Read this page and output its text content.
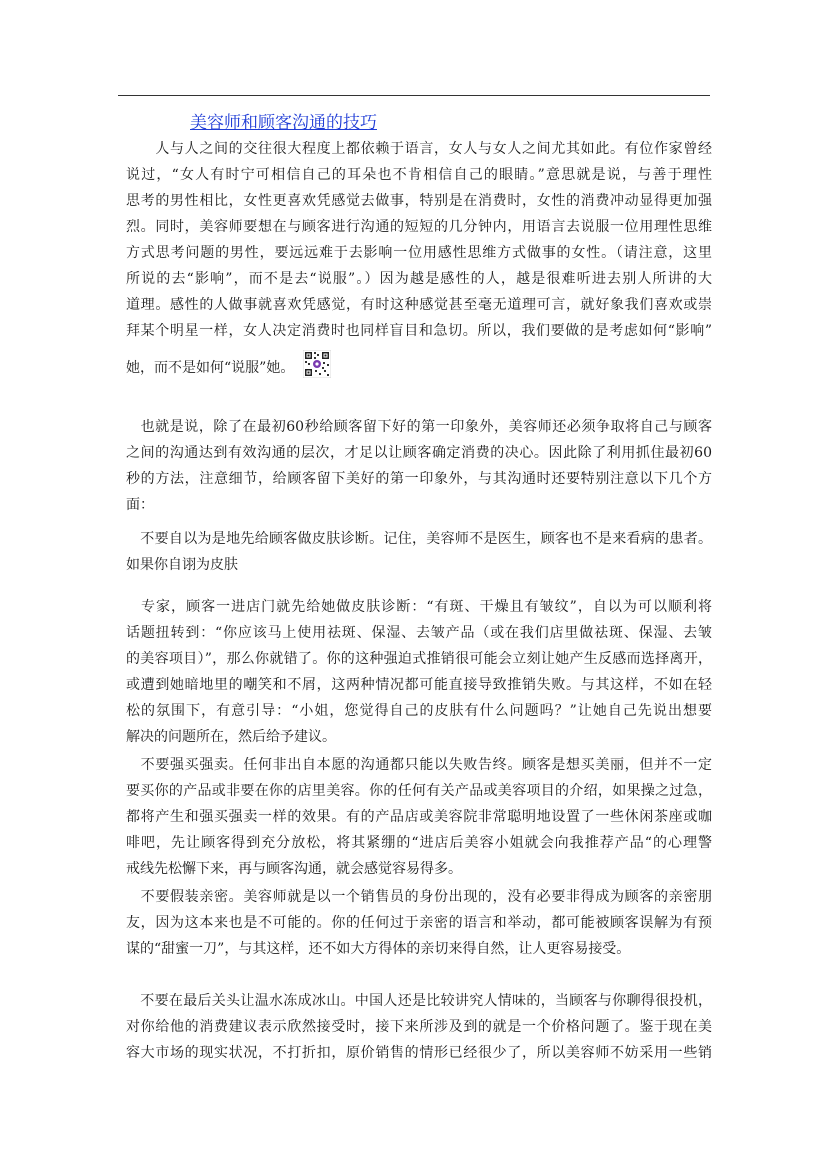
美容师和顾客沟通的技巧

　　人与人之间的交往很大程度上都依赖于语言，女人与女人之间尤其如此。有位作家曾经
说过，“女人有时宁可相信自己的耳朵也不肯相信自己的眼睛。”意思就是说，与善于理性
思考的男性相比，女性更喜欢凭感觉去做事，特别是在消费时，女性的消费冲动显得更加强
烈。同时，美容师要想在与顾客进行沟通的短短的几分钟内，用语言去说服一位用理性思维
方式思考问题的男性，要远远难于去影响一位用感性思维方式做事的女性。（请注意，这里
所说的去“影响”，而不是去“说服”。）因为越是感性的人，越是很难听进去别人所讲的大
道理。感性的人做事就喜欢凭感觉，有时这种感觉甚至毫无道理可言，就好象我们喜欢或崇
拜某个明星一样，女人决定消费时也同样盲目和急切。所以，我们要做的是考虑如何“影响”

她，而不是如何“说服”她。

　也就是说，除了在最初60秒给顾客留下好的第一印象外，美容师还必须争取将自己与顾客
之间的沟通达到有效沟通的层次，才足以让顾客确定消费的决心。因此除了利用抓住最初60
秒的方法，注意细节，给顾客留下美好的第一印象外，与其沟通时还要特别注意以下几个方
面：

　不要自以为是地先给顾客做皮肤诊断。记住，美容师不是医生，顾客也不是来看病的患者。
如果你自诩为皮肤

　专家，顾客一进店门就先给她做皮肤诊断：“有斑、干燥且有皱纹”，自以为可以顺利将
话题扭转到：“你应该马上使用祛斑、保湿、去皱产品（或在我们店里做祛斑、保湿、去皱
的美容项目）”，那么你就错了。你的这种强迫式推销很可能会立刻让她产生反感而选择离开，
或遭到她暗地里的嘲笑和不屑，这两种情况都可能直接导致推销失败。与其这样，不如在轻
松的氛围下，有意引导：“小姐，您觉得自己的皮肤有什么问题吗？”让她自己先说出想要
解决的问题所在，然后给予建议。

　不要强买强卖。任何非出自本愿的沟通都只能以失败告终。顾客是想买美丽，但并不一定
要买你的产品或非要在你的店里美容。你的任何有关产品或美容项目的介绍，如果操之过急，
都将产生和强买强卖一样的效果。有的产品店或美容院非常聪明地设置了一些休闲茶座或咖
啡吧，先让顾客得到充分放松，将其紧绷的“进店后美容小姐就会向我推荐产品“的心理警
戒线先松懈下来，再与顾客沟通，就会感觉容易得多。

　不要假装亲密。美容师就是以一个销售员的身份出现的，没有必要非得成为顾客的亲密朋
友，因为这本来也是不可能的。你的任何过于亲密的语言和举动，都可能被顾客误解为有预
谋的“甜蜜一刀”，与其这样，还不如大方得体的亲切来得自然，让人更容易接受。

　不要在最后关头让温水冻成冰山。中国人还是比较讲究人情味的，当顾客与你聊得很投机，
对你给他的消费建议表示欣然接受时，接下来所涉及到的就是一个价格问题了。鉴于现在美
容大市场的现实状况，不打折扣，原价销售的情形已经很少了，所以美容师不妨采用一些销
